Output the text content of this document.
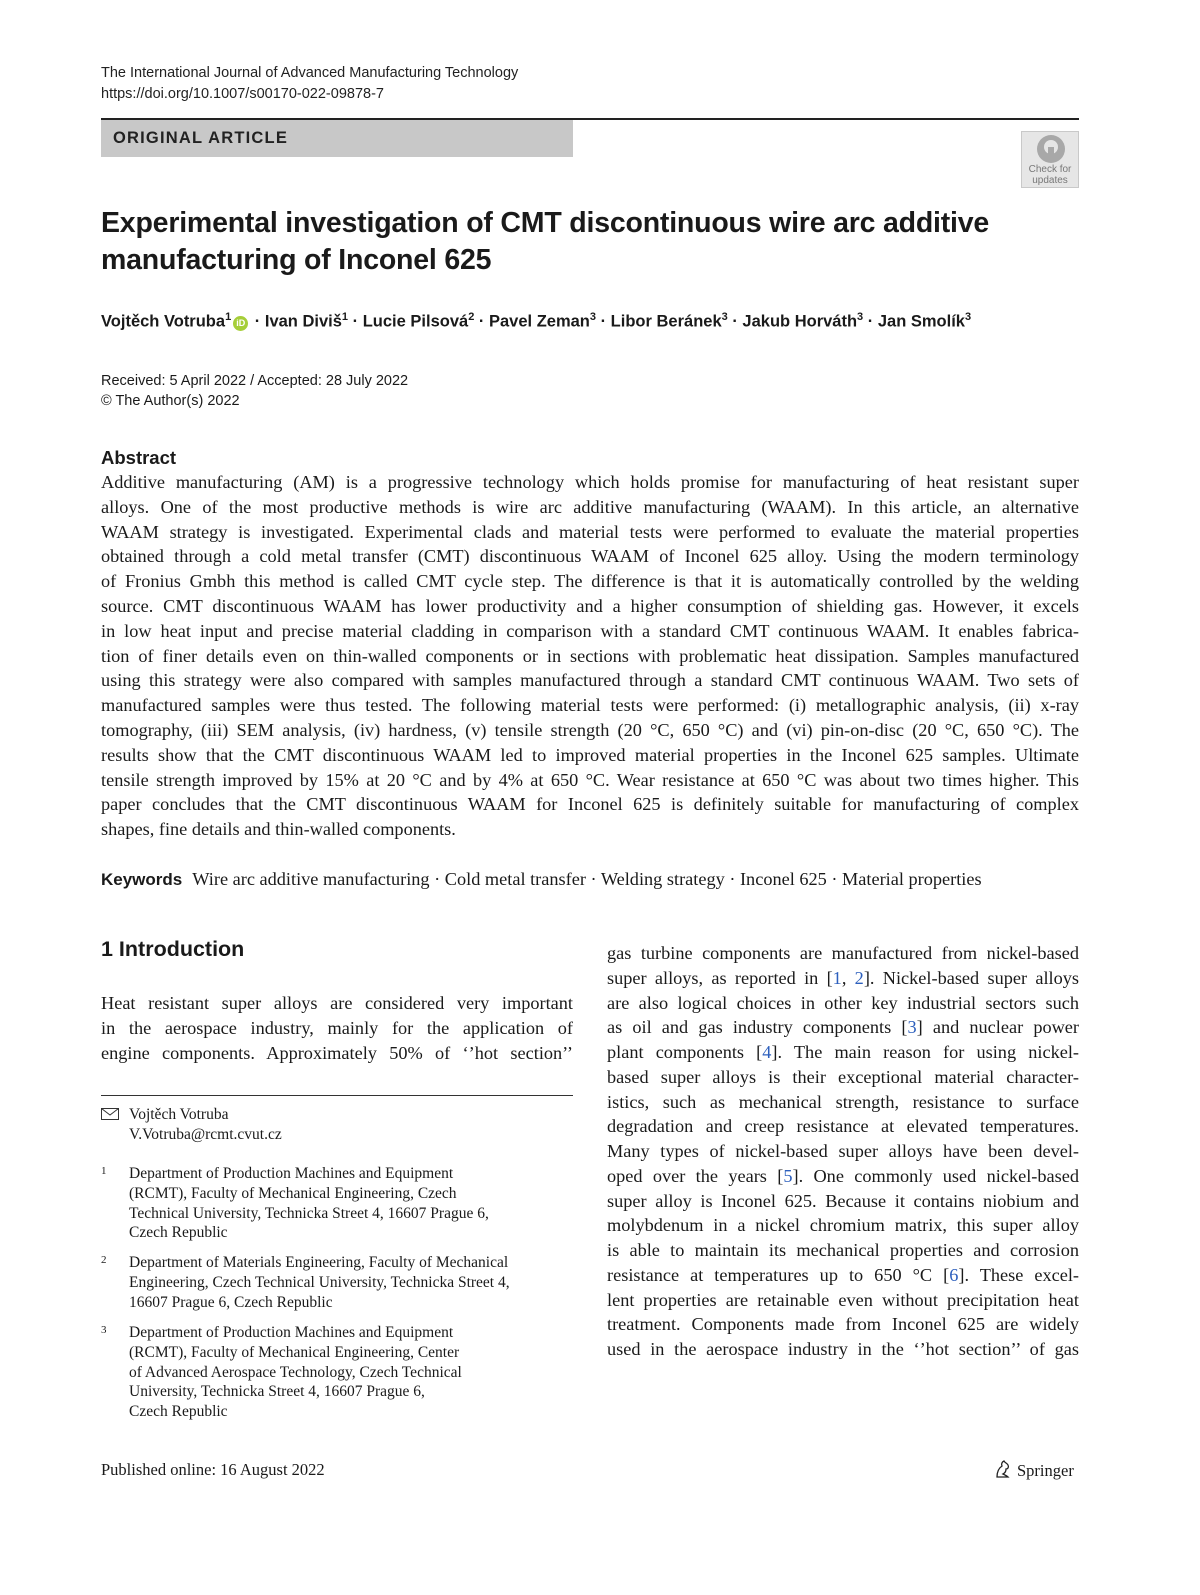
The International Journal of Advanced Manufacturing Technology
https://doi.org/10.1007/s00170-022-09878-7
ORIGINAL ARTICLE
Check for
updates
Experimental investigation of CMT discontinuous wire arc additive
manufacturing of Inconel 625
Vojtěch Votruba$^1$ iD · Ivan Diviš$^1$ · Lucie Pilsová$^2$ · Pavel Zeman$^3$ · Libor Beránek$^3$ · Jakub Horváth$^3$ · Jan Smolík$^3$
Received: 5 April 2022 / Accepted: 28 July 2022
© The Author(s) 2022
Abstract
Additive manufacturing (AM) is a progressive technology which holds promise for manufacturing of heat resistant super
alloys. One of the most productive methods is wire arc additive manufacturing (WAAM). In this article, an alternative
WAAM strategy is investigated. Experimental clads and material tests were performed to evaluate the material properties
obtained through a cold metal transfer (CMT) discontinuous WAAM of Inconel 625 alloy. Using the modern terminology
of Fronius Gmbh this method is called CMT cycle step. The difference is that it is automatically controlled by the welding
source. CMT discontinuous WAAM has lower productivity and a higher consumption of shielding gas. However, it excels
in low heat input and precise material cladding in comparison with a standard CMT continuous WAAM. It enables fabrica-
tion of finer details even on thin-walled components or in sections with problematic heat dissipation. Samples manufactured
using this strategy were also compared with samples manufactured through a standard CMT continuous WAAM. Two sets of
manufactured samples were thus tested. The following material tests were performed: (i) metallographic analysis, (ii) x-ray
tomography, (iii) SEM analysis, (iv) hardness, (v) tensile strength (20 °C, 650 °C) and (vi) pin-on-disc (20 °C, 650 °C). The
results show that the CMT discontinuous WAAM led to improved material properties in the Inconel 625 samples. Ultimate
tensile strength improved by 15% at 20 °C and by 4% at 650 °C. Wear resistance at 650 °C was about two times higher. This
paper concludes that the CMT discontinuous WAAM for Inconel 625 is definitely suitable for manufacturing of complex
shapes, fine details and thin-walled components.
Keywords Wire arc additive manufacturing · Cold metal transfer · Welding strategy · Inconel 625 · Material properties
1 Introduction
Heat resistant super alloys are considered very important
in the aerospace industry, mainly for the application of
engine components. Approximately 50% of ‘’hot section’’
gas turbine components are manufactured from nickel-based
super alloys, as reported in [1, 2]. Nickel-based super alloys
are also logical choices in other key industrial sectors such
as oil and gas industry components [3] and nuclear power
plant components [4]. The main reason for using nickel-
based super alloys is their exceptional material character-
istics, such as mechanical strength, resistance to surface
degradation and creep resistance at elevated temperatures.
Many types of nickel-based super alloys have been devel-
oped over the years [5]. One commonly used nickel-based
super alloy is Inconel 625. Because it contains niobium and
molybdenum in a nickel chromium matrix, this super alloy
is able to maintain its mechanical properties and corrosion
resistance at temperatures up to 650 °C [6]. These excel-
lent properties are retainable even without precipitation heat
treatment. Components made from Inconel 625 are widely
used in the aerospace industry in the ‘’hot section’’ of gas
Vojtěch Votruba
V.Votruba@rcmt.cvut.cz
1 Department of Production Machines and Equipment
(RCMT), Faculty of Mechanical Engineering, Czech
Technical University, Technicka Street 4, 16607 Prague 6,
Czech Republic
2 Department of Materials Engineering, Faculty of Mechanical
Engineering, Czech Technical University, Technicka Street 4,
16607 Prague 6, Czech Republic
3 Department of Production Machines and Equipment
(RCMT), Faculty of Mechanical Engineering, Center
of Advanced Aerospace Technology, Czech Technical
University, Technicka Street 4, 16607 Prague 6,
Czech Republic
Published online: 16 August 2022	Springer
